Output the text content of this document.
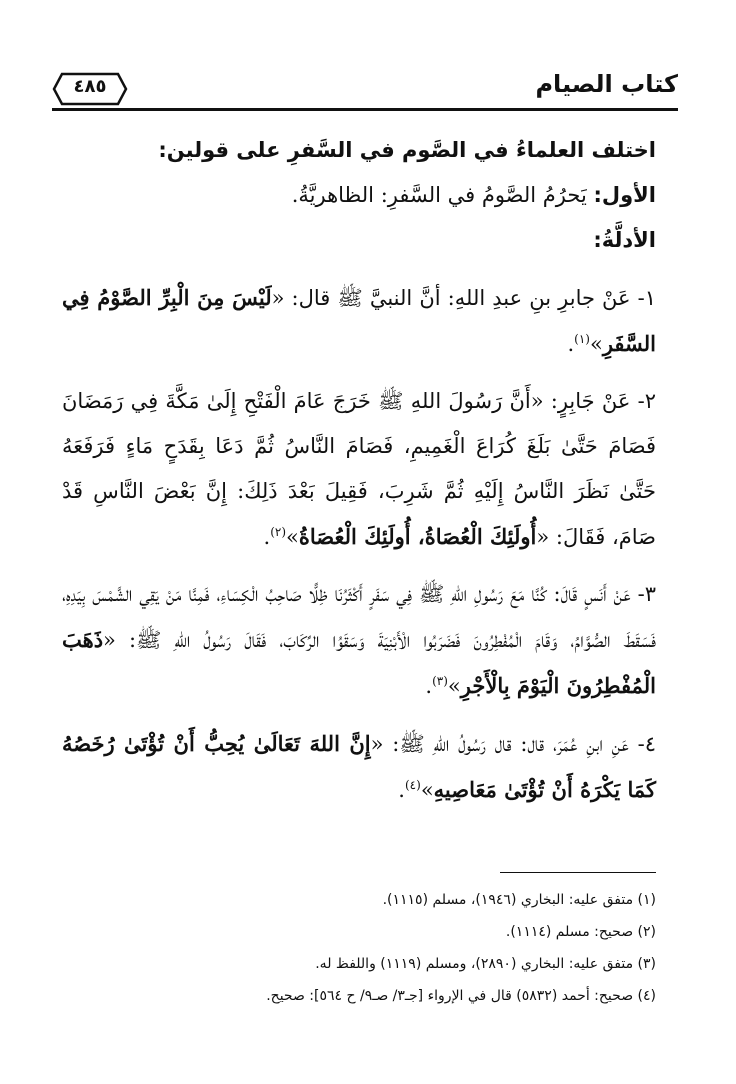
٤٨٥	كتاب الصيام

اختلف العلماءُ في الصَّوم في السَّفرِ على قولين:

الأول: يَحرُمُ الصَّومُ في السَّفرِ: الظاهريَّةُ.

الأدلَّةُ:

١- عَنْ جابرِ بنِ عبدِ اللهِ: أنَّ النبيَّ ﷺ قال: «لَيْسَ مِنَ الْبِرِّ الصَّوْمُ فِي السَّفَرِ»$^{(١)}$.

٢- عَنْ جَابِرٍ: «أَنَّ رَسُولَ اللهِ ﷺ خَرَجَ عَامَ الْفَتْحِ إِلَىٰ مَكَّةَ فِي رَمَضَانَ فَصَامَ حَتَّىٰ بَلَغَ كُرَاعَ الْغَمِيمِ، فَصَامَ النَّاسُ ثُمَّ دَعَا بِقَدَحٍ مَاءٍ فَرَفَعَهُ حَتَّىٰ نَظَرَ النَّاسُ إِلَيْهِ ثُمَّ شَرِبَ، فَقِيلَ بَعْدَ ذَلِكَ: إِنَّ بَعْضَ النَّاسِ قَدْ صَامَ، فَقَالَ: «أُولَئِكَ الْعُصَاةُ، أُولَئِكَ الْعُصَاةُ»$^{(٢)}$.

٣- عَنْ أَنَسٍ قَالَ: كُنَّا مَعَ رَسُولِ اللهِ ﷺ فِي سَفَرٍ أَكْثَرُنَا ظِلًّا صَاحِبُ الْكِسَاءِ، فَمِنَّا مَنْ يَقِي الشَّمْسَ بِيَدِهِ، فَسَقَطَ الصُّوَّامُ، وَقَامَ الْمُفْطِرُونَ فَضَرَبُوا الْأَبْنِيَةَ وَسَقَوُا الرِّكَابَ، فَقَالَ رَسُولُ اللهِ ﷺ: «ذَهَبَ الْمُفْطِرُونَ الْيَوْمَ بِالْأَجْرِ»$^{(٣)}$.

٤- عَنِ ابنِ عُمَرَ، قال: قال رَسُولُ اللهِ ﷺ: «إِنَّ اللهَ تَعَالَىٰ يُحِبُّ أَنْ تُؤْتَىٰ رُخَصُهُ كَمَا يَكْرَهُ أَنْ تُؤْتَىٰ مَعَاصِيهِ»$^{(٤)}$.

(١) متفق عليه: البخاري (١٩٤٦)، مسلم (١١١٥).

(٢) صحيح: مسلم (١١١٤).

(٣) متفق عليه: البخاري (٢٨٩٠)، ومسلم (١١١٩) واللفظ له.

(٤) صحيح: أحمد (٥٨٣٢) قال في الإرواء [جـ٣/ صـ٩/ ح ٥٦٤]: صحيح.
